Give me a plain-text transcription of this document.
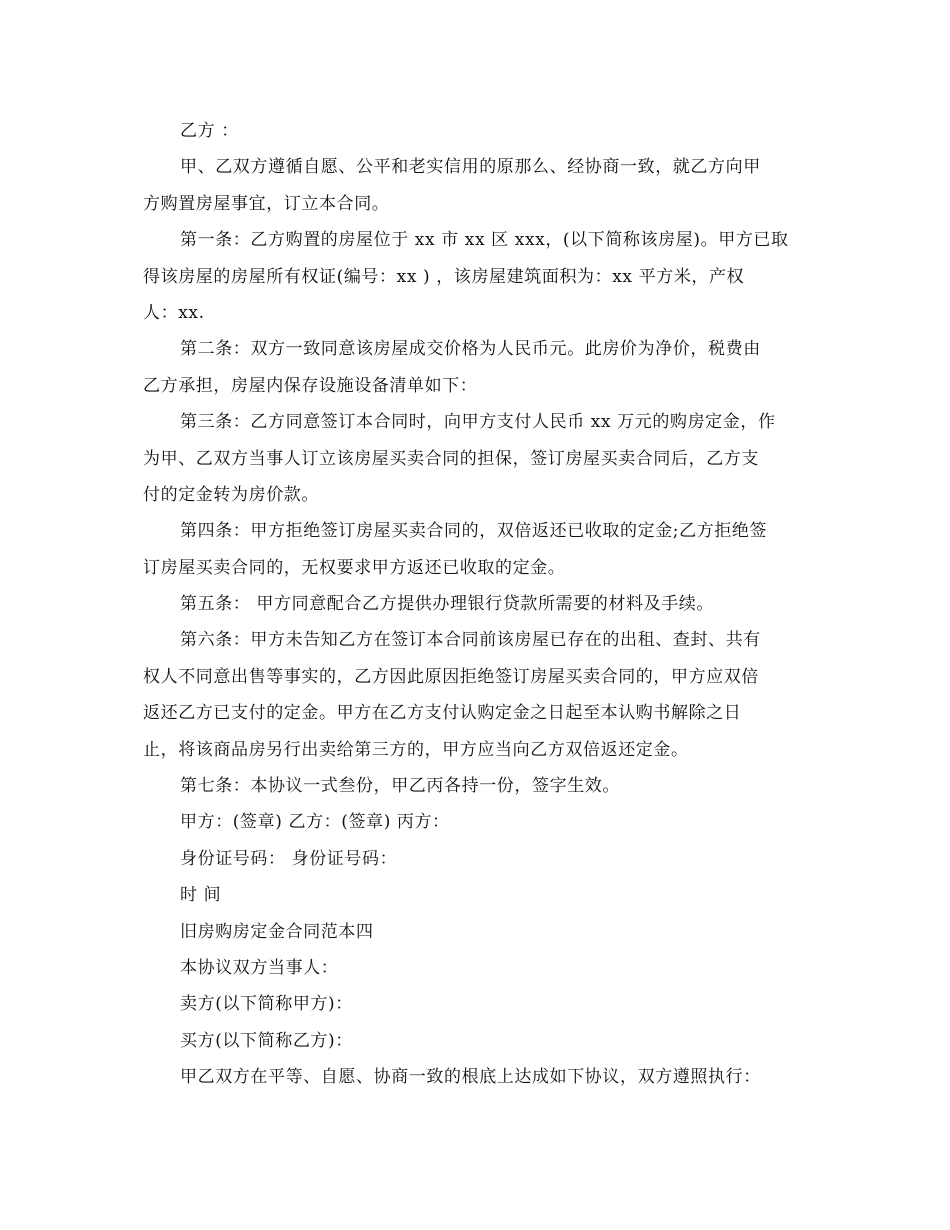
乙方 ：
甲、乙双方遵循自愿、公平和老实信用的原那么、经协商一致，就乙方向甲
方购置房屋事宜，订立本合同。
第一条：乙方购置的房屋位于 xx 市 xx 区 xxx，(以下简称该房屋)。甲方已取
得该房屋的房屋所有权证(编号：xx ) ，该房屋建筑面积为：xx 平方米，产权
人：xx.
第二条：双方一致同意该房屋成交价格为人民币元。此房价为净价，税费由
乙方承担，房屋内保存设施设备清单如下：
第三条：乙方同意签订本合同时，向甲方支付人民币 xx 万元的购房定金，作
为甲、乙双方当事人订立该房屋买卖合同的担保，签订房屋买卖合同后，乙方支
付的定金转为房价款。
第四条：甲方拒绝签订房屋买卖合同的，双倍返还已收取的定金;乙方拒绝签
订房屋买卖合同的，无权要求甲方返还已收取的定金。
第五条： 甲方同意配合乙方提供办理银行贷款所需要的材料及手续。
第六条：甲方未告知乙方在签订本合同前该房屋已存在的出租、查封、共有
权人不同意出售等事实的，乙方因此原因拒绝签订房屋买卖合同的，甲方应双倍
返还乙方已支付的定金。甲方在乙方支付认购定金之日起至本认购书解除之日
止，将该商品房另行出卖给第三方的，甲方应当向乙方双倍返还定金。
第七条：本协议一式叁份，甲乙丙各持一份，签字生效。
甲方：(签章) 乙方：(签章) 丙方：
身份证号码： 身份证号码：
时 间
旧房购房定金合同范本四
本协议双方当事人：
卖方(以下简称甲方)：
买方(以下简称乙方)：
甲乙双方在平等、自愿、协商一致的根底上达成如下协议，双方遵照执行：
